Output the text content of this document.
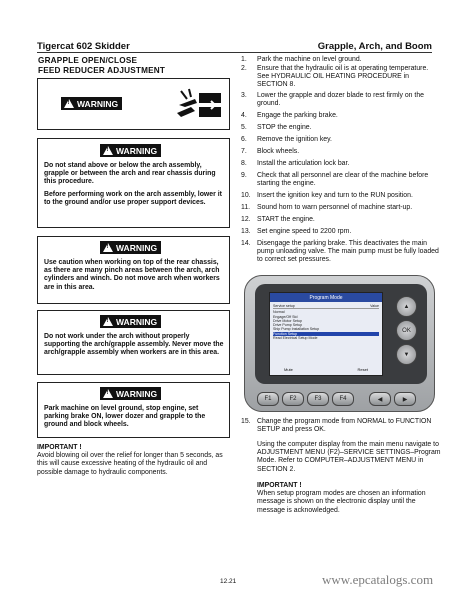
Tigercat 602 Skidder	Grapple, Arch, and Boom
GRAPPLE OPEN/CLOSE
FEED REDUCER ADJUSTMENT
!
WARNING
!
WARNING

Do not stand above or below the arch assembly, grapple or between the arch and rear chassis during this procedure.

Before performing work on the arch assembly, lower it to the ground and/or use proper support devices.

!
WARNING
Use caution when working on top of the rear chassis, as there are many pinch areas between the arch, arch cylinders and winch. Do not move arch when workers are in this area.
!
WARNING
Do not work under the arch without properly supporting the arch/grapple assembly. Never move the arch/grapple assembly when workers are in this area.
!
WARNING
Park machine on level ground, stop engine, set parking brake ON, lower dozer and grapple to the ground and block wheels.
IMPORTANT !
Avoid blowing oil over the relief for longer than 5 seconds, as this will cause excessive heating of the hydraulic oil and possible damage to hydraulic components.
1.	Park the machine on level ground.
2.	Ensure that the hydraulic oil is at operating temperature. See HYDRAULIC OIL HEATING PROCEDURE in SECTION 8.
3.	Lower the grapple and dozer blade to rest firmly on the ground.
4.	Engage the parking brake.
5.	STOP the engine.
6.	Remove the ignition key.
7.	Block wheels.
8.	Install the articulation lock bar.
9.	Check that all personnel are clear of the machine before starting the engine.
10. Insert the ignition key and turn to the RUN position.
11.	Sound horn to warn personnel of machine start-up.
12. START the engine.
13. Set engine speed to 2200 rpm.
14. Disengage the parking brake. This deactivates the main pump unloading valve. The main pump must be fully loaded to correct set pressures.
Program Mode
Service setup	Value
Normal
Engage/Off Std
Drive Motor Setup
Drive Pump Setup
Ship Pump Installation Setup
Function Setup
Read Electrical Setup Mode
Mute	Reset
▲
OK
▼
F1	F2	F3	F4	◀	▶
15. Change the program mode from NORMAL to FUNCTION SETUP and press OK.
Using the computer display from the main menu navigate to ADJUSTMENT MENU (F2)–SERVICE SETTINGS–Program Mode. Refer to COMPUTER–ADJUSTMENT MENU in SECTION 2.
IMPORTANT !
When setup program modes are chosen an information message is shown on the electronic display until the message is acknowledged.
12.21	www.epcatalogs.com
